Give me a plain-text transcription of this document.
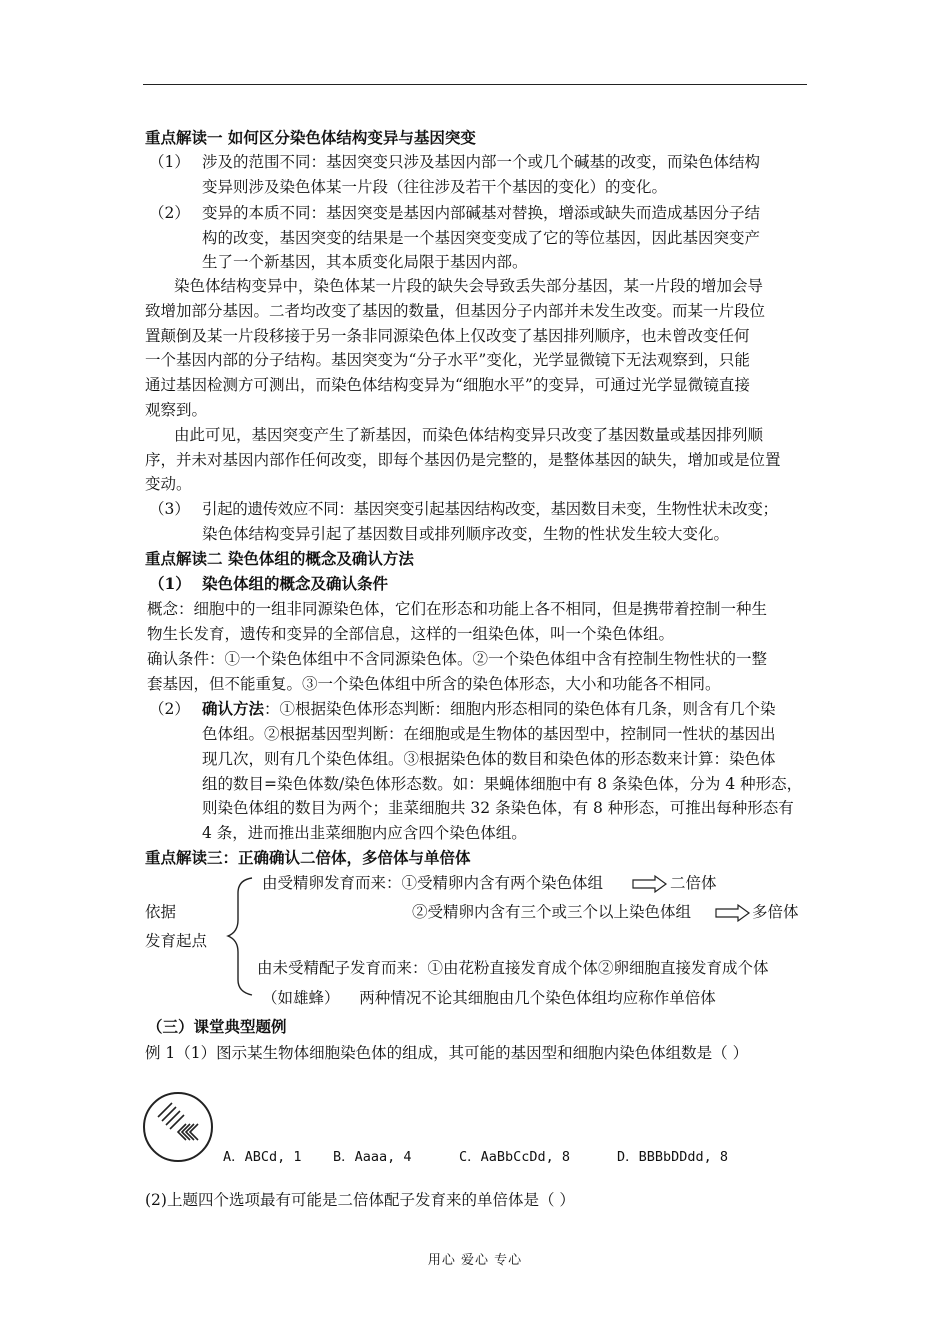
重点解读一 如何区分染色体结构变异与基因突变
（1） 涉及的范围不同：基因突变只涉及基因内部一个或几个碱基的改变，而染色体结构
变异则涉及染色体某一片段（往往涉及若干个基因的变化）的变化。
（2） 变异的本质不同：基因突变是基因内部碱基对替换，增添或缺失而造成基因分子结
构的改变，基因突变的结果是一个基因突变变成了它的等位基因，因此基因突变产
生了一个新基因，其本质变化局限于基因内部。
染色体结构变异中，染色体某一片段的缺失会导致丢失部分基因，某一片段的增加会导
致增加部分基因。二者均改变了基因的数量，但基因分子内部并未发生改变。而某一片段位
置颠倒及某一片段移接于另一条非同源染色体上仅改变了基因排列顺序，也未曾改变任何
一个基因内部的分子结构。基因突变为“分子水平”变化，光学显微镜下无法观察到，只能
通过基因检测方可测出，而染色体结构变异为“细胞水平”的变异，可通过光学显微镜直接
观察到。
由此可见，基因突变产生了新基因，而染色体结构变异只改变了基因数量或基因排列顺
序，并未对基因内部作任何改变，即每个基因仍是完整的，是整体基因的缺失，增加或是位置
变动。
（3） 引起的遗传效应不同：基因突变引起基因结构改变，基因数目未变，生物性状未改变；
染色体结构变异引起了基因数目或排列顺序改变，生物的性状发生较大变化。
重点解读二 染色体组的概念及确认方法
（1） 染色体组的概念及确认条件
概念：细胞中的一组非同源染色体，它们在形态和功能上各不相同，但是携带着控制一种生
物生长发育，遗传和变异的全部信息，这样的一组染色体，叫一个染色体组。
确认条件：①一个染色体组中不含同源染色体。②一个染色体组中含有控制生物性状的一整
套基因，但不能重复。③一个染色体组中所含的染色体形态，大小和功能各不相同。
（2） 确认方法：①根据染色体形态判断：细胞内形态相同的染色体有几条，则含有几个染
色体组。②根据基因型判断：在细胞或是生物体的基因型中，控制同一性状的基因出
现几次，则有几个染色体组。③根据染色体的数目和染色体的形态数来计算：染色体
组的数目=染色体数/染色体形态数。如：果蝇体细胞中有 8 条染色体，分为 4 种形态，
则染色体组的数目为两个；韭菜细胞共 32 条染色体，有 8 种形态，可推出每种形态有
4 条，进而推出韭菜细胞内应含四个染色体组。
重点解读三：正确确认二倍体，多倍体与单倍体
由受精卵发育而来：①受精卵内含有两个染色体组	二倍体
依据	②受精卵内含有三个或三个以上染色体组	多倍体
发育起点
由未受精配子发育而来：①由花粉直接发育成个体②卵细胞直接发育成个体
（如雄蜂）    两种情况不论其细胞由几个染色体组均应称作单倍体
（三）课堂典型题例
例 1（1）图示某生物体细胞染色体的组成，其可能的基因型和细胞内染色体组数是（ ）
A．ABCd, 1 B．Aaaa, 4	C．AaBbCcDd, 8	D．BBBbDDdd, 8
(2)上题四个选项最有可能是二倍体配子发育来的单倍体是（ ）
用心 爱心 专心
